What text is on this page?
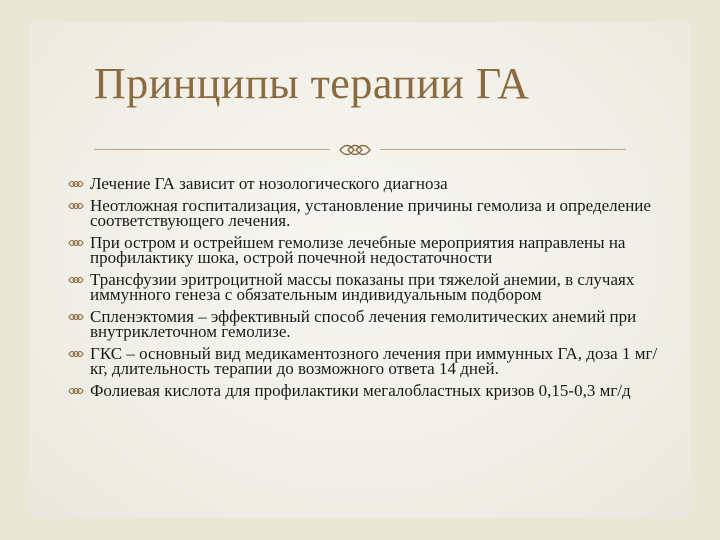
Принципы терапии ГА
Лечение ГА зависит от нозологического диагноза
Неотложная госпитализация, установление причины гемолиза и определение соответствующего лечения.
При остром и острейшем гемолизе лечебные мероприятия направлены на профилактику шока, острой почечной недостаточности
Трансфузии эритроцитной массы показаны при тяжелой анемии, в случаях иммунного генеза с обязательным индивидуальным подбором
Спленэктомия – эффективный способ лечения гемолитических анемий при внутриклеточном гемолизе.
ГКС – основный вид медикаментозного лечения при иммунных ГА, доза 1 мг/кг, длительность терапии до возможного ответа 14 дней.
Фолиевая кислота для профилактики мегалобластных кризов 0,15-0,3 мг/д
